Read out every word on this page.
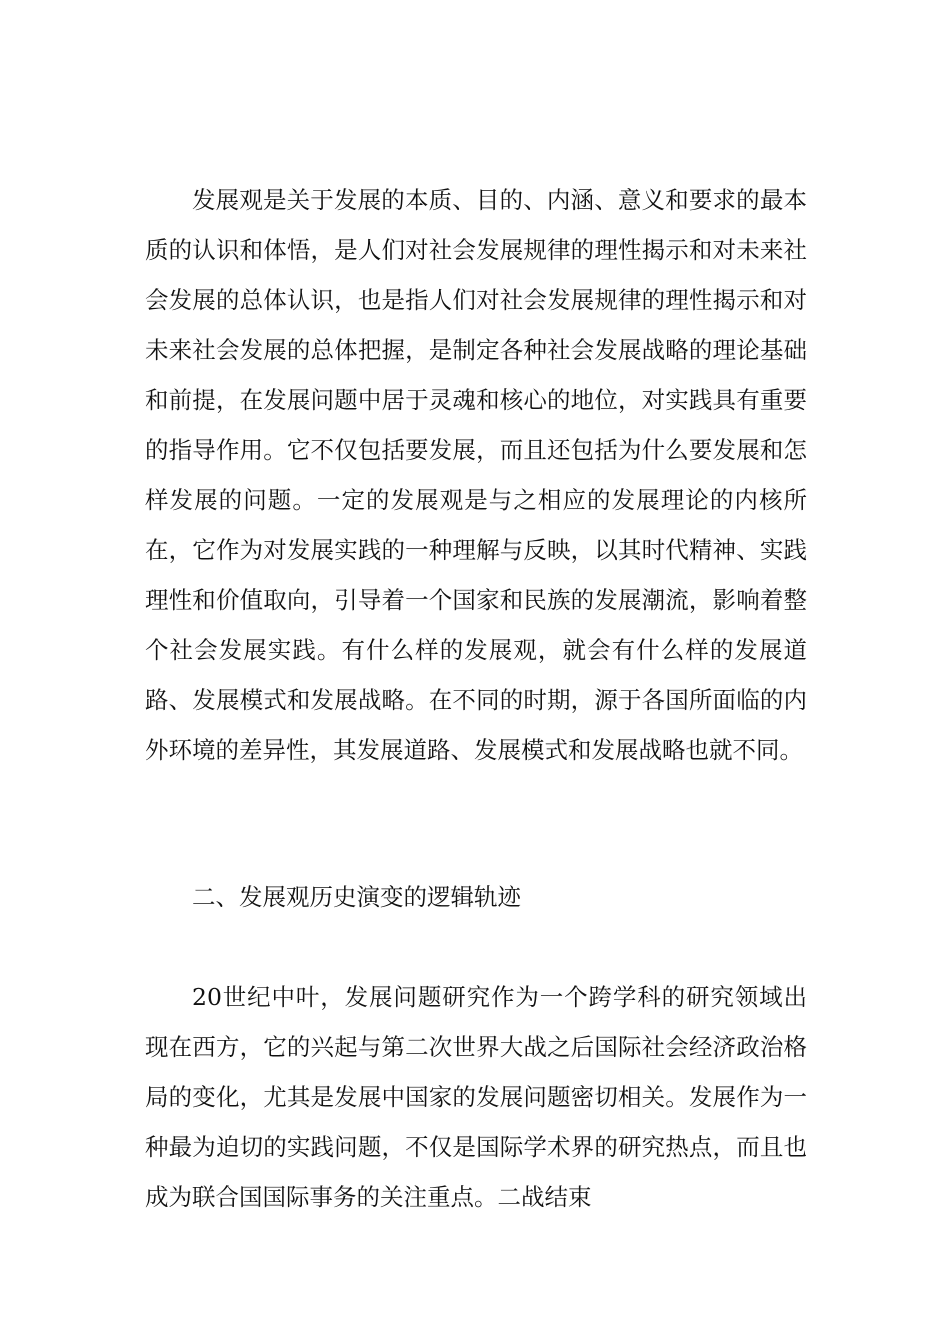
发展观是关于发展的本质、目的、内涵、意义和要求的最本质的认识和体悟，是人们对社会发展规律的理性揭示和对未来社会发展的总体认识，也是指人们对社会发展规律的理性揭示和对未来社会发展的总体把握，是制定各种社会发展战略的理论基础和前提，在发展问题中居于灵魂和核心的地位，对实践具有重要的指导作用。它不仅包括要发展，而且还包括为什么要发展和怎样发展的问题。一定的发展观是与之相应的发展理论的内核所在，它作为对发展实践的一种理解与反映，以其时代精神、实践理性和价值取向，引导着一个国家和民族的发展潮流，影响着整个社会发展实践。有什么样的发展观，就会有什么样的发展道路、发展模式和发展战略。在不同的时期，源于各国所面临的内外环境的差异性，其发展道路、发展模式和发展战略也就不同。

二、发展观历史演变的逻辑轨迹

20世纪中叶，发展问题研究作为一个跨学科的研究领域出现在西方，它的兴起与第二次世界大战之后国际社会经济政治格局的变化，尤其是发展中国家的发展问题密切相关。发展作为一种最为迫切的实践问题，不仅是国际学术界的研究热点，而且也成为联合国国际事务的关注重点。二战结束
